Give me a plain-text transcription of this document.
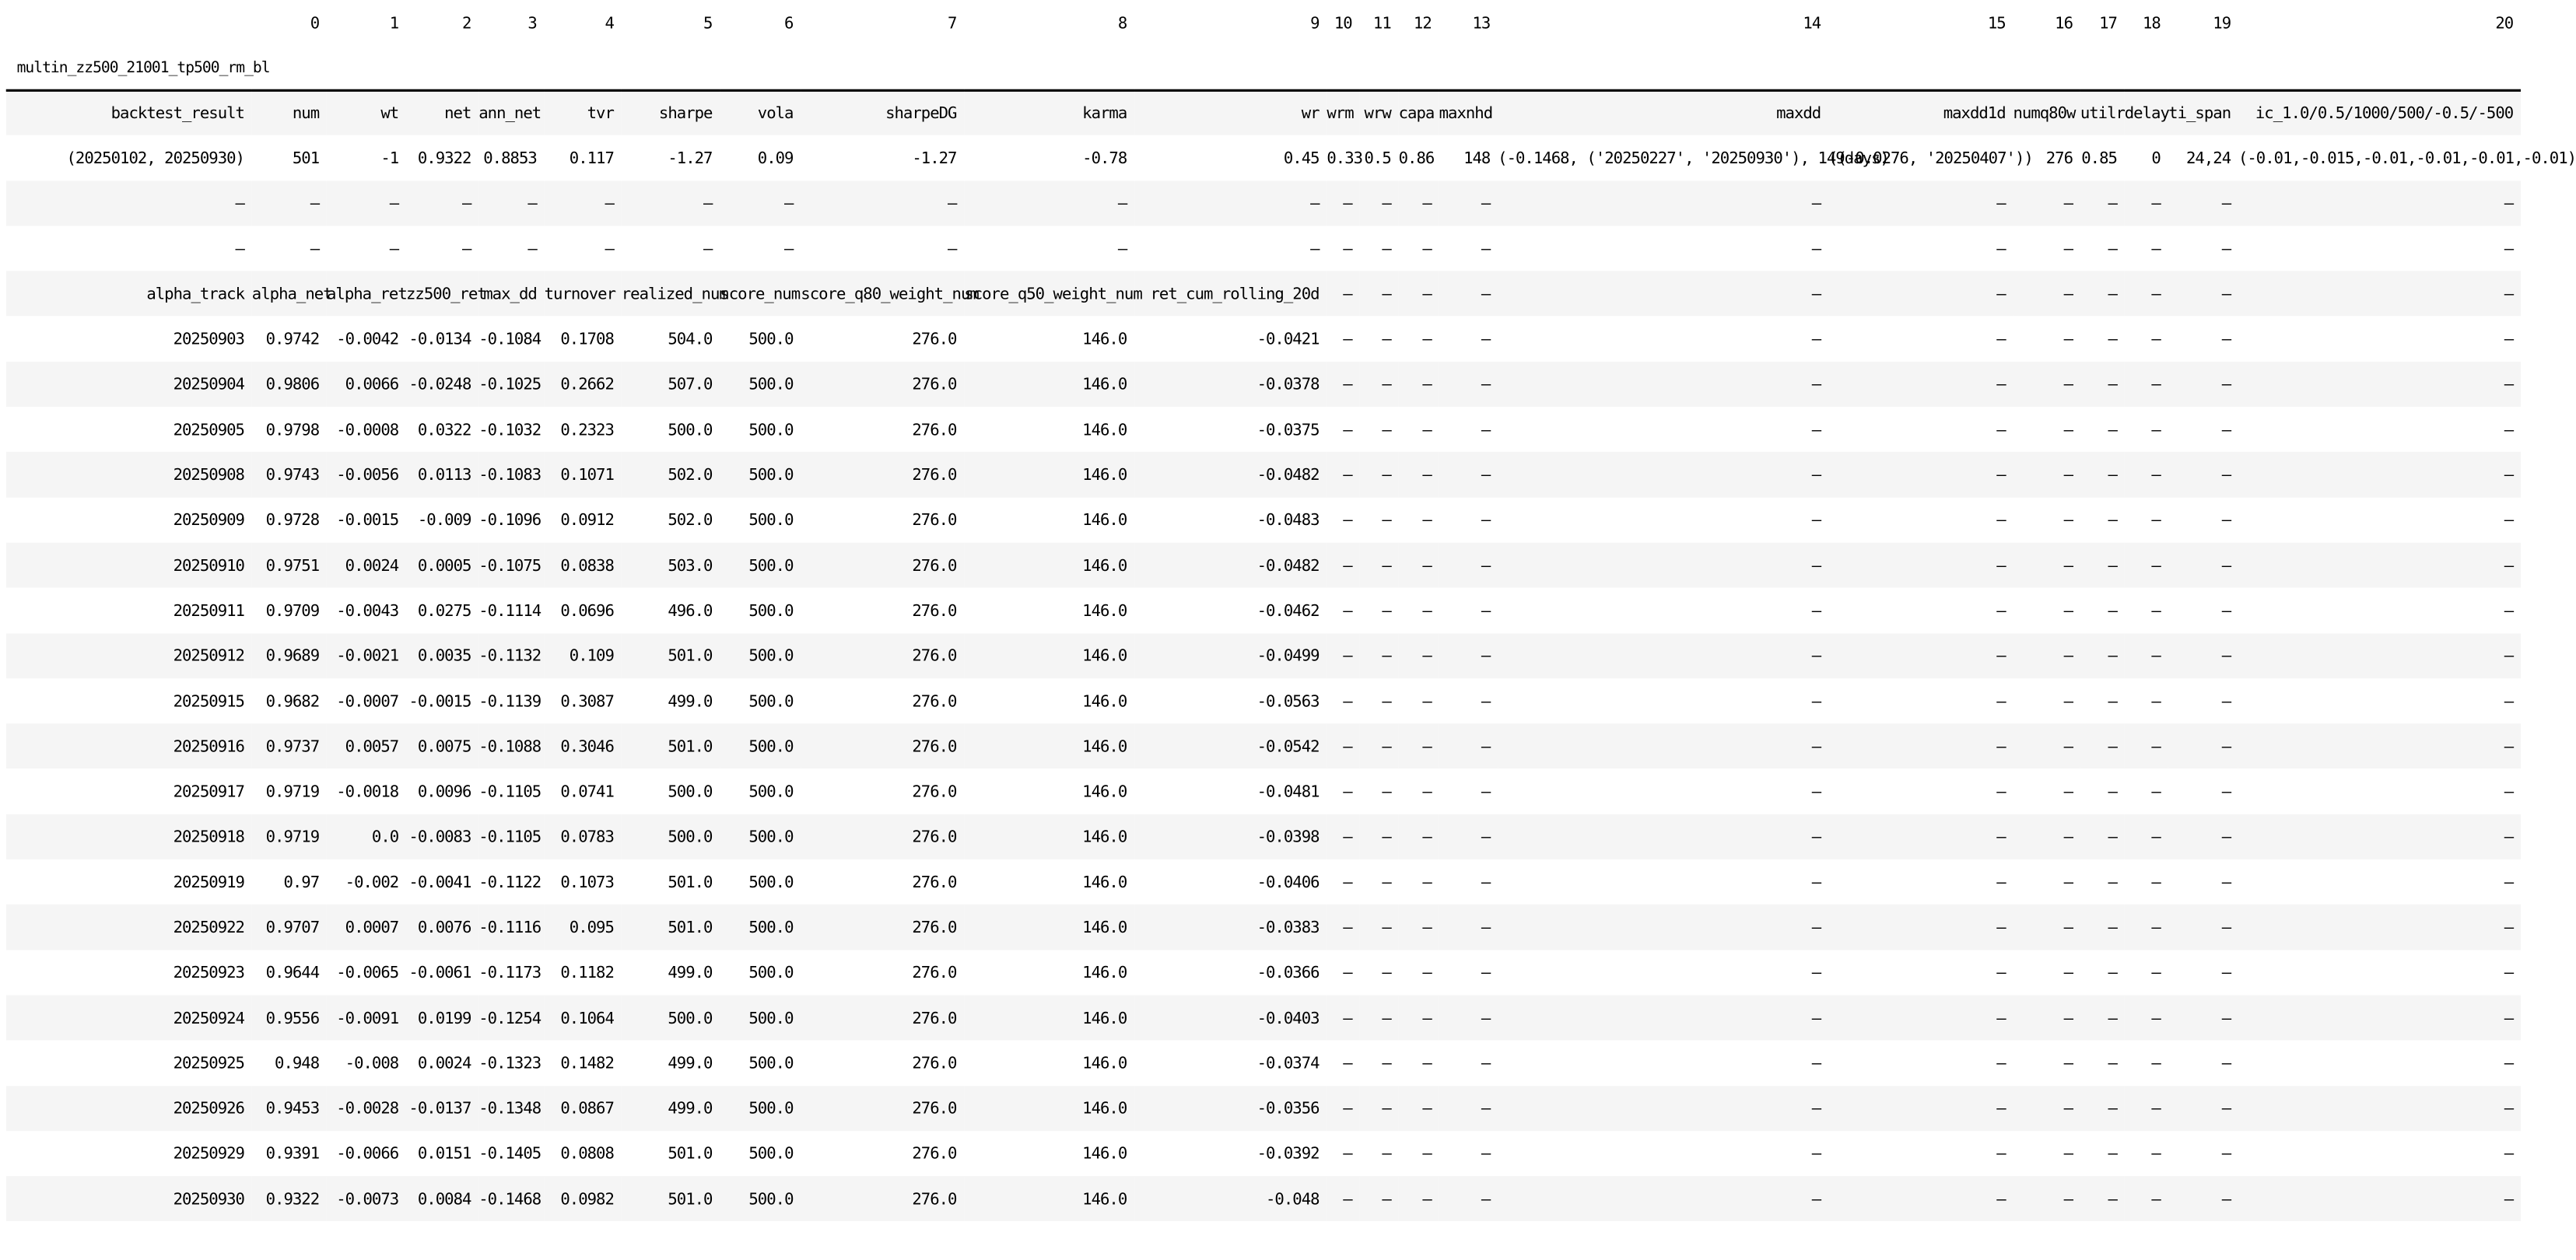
	0	1	2	3	4	5	6	7	8	9	10	11	12	13	14	15	16	17	18	19	20
multin_zz500_21001_tp500_rm_bl																					
backtest_result	num	wt	net	ann_net	tvr	sharpe	vola	sharpeDG	karma	wr	wrm	wrw	capa	maxnhd	maxdd	maxdd1d	numq80w	utilr	delay	ti_span	ic_1.0/0.5/1000/500/-0.5/-500
(20250102, 20250930)	501	-1	0.9322	0.8853	0.117	-1.27	0.09	-1.27	-0.78	0.45	0.33	0.5	0.86	148	(-0.1468, ('20250227', '20250930'), 149days)	((-0.0276, '20250407'))	276	0.85	0	24,24	(-0.01,-0.015,-0.01,-0.01,-0.01,-0.01)
—	—	—	—	—	—	—	—	—	—	—	—	—	—	—	—	—	—	—	—	—	—
—	—	—	—	—	—	—	—	—	—	—	—	—	—	—	—	—	—	—	—	—	—
alpha_track	alpha_net	alpha_ret	zz500_ret	max_dd	turnover	realized_num	score_num	score_q80_weight_num	score_q50_weight_num	ret_cum_rolling_20d	—	—	—	—	—	—	—	—	—	—	—
20250903	0.9742	-0.0042	-0.0134	-0.1084	0.1708	504.0	500.0	276.0	146.0	-0.0421	—	—	—	—	—	—	—	—	—	—	—
20250904	0.9806	0.0066	-0.0248	-0.1025	0.2662	507.0	500.0	276.0	146.0	-0.0378	—	—	—	—	—	—	—	—	—	—	—
20250905	0.9798	-0.0008	0.0322	-0.1032	0.2323	500.0	500.0	276.0	146.0	-0.0375	—	—	—	—	—	—	—	—	—	—	—
20250908	0.9743	-0.0056	0.0113	-0.1083	0.1071	502.0	500.0	276.0	146.0	-0.0482	—	—	—	—	—	—	—	—	—	—	—
20250909	0.9728	-0.0015	-0.009	-0.1096	0.0912	502.0	500.0	276.0	146.0	-0.0483	—	—	—	—	—	—	—	—	—	—	—
20250910	0.9751	0.0024	0.0005	-0.1075	0.0838	503.0	500.0	276.0	146.0	-0.0482	—	—	—	—	—	—	—	—	—	—	—
20250911	0.9709	-0.0043	0.0275	-0.1114	0.0696	496.0	500.0	276.0	146.0	-0.0462	—	—	—	—	—	—	—	—	—	—	—
20250912	0.9689	-0.0021	0.0035	-0.1132	0.109	501.0	500.0	276.0	146.0	-0.0499	—	—	—	—	—	—	—	—	—	—	—
20250915	0.9682	-0.0007	-0.0015	-0.1139	0.3087	499.0	500.0	276.0	146.0	-0.0563	—	—	—	—	—	—	—	—	—	—	—
20250916	0.9737	0.0057	0.0075	-0.1088	0.3046	501.0	500.0	276.0	146.0	-0.0542	—	—	—	—	—	—	—	—	—	—	—
20250917	0.9719	-0.0018	0.0096	-0.1105	0.0741	500.0	500.0	276.0	146.0	-0.0481	—	—	—	—	—	—	—	—	—	—	—
20250918	0.9719	0.0	-0.0083	-0.1105	0.0783	500.0	500.0	276.0	146.0	-0.0398	—	—	—	—	—	—	—	—	—	—	—
20250919	0.97	-0.002	-0.0041	-0.1122	0.1073	501.0	500.0	276.0	146.0	-0.0406	—	—	—	—	—	—	—	—	—	—	—
20250922	0.9707	0.0007	0.0076	-0.1116	0.095	501.0	500.0	276.0	146.0	-0.0383	—	—	—	—	—	—	—	—	—	—	—
20250923	0.9644	-0.0065	-0.0061	-0.1173	0.1182	499.0	500.0	276.0	146.0	-0.0366	—	—	—	—	—	—	—	—	—	—	—
20250924	0.9556	-0.0091	0.0199	-0.1254	0.1064	500.0	500.0	276.0	146.0	-0.0403	—	—	—	—	—	—	—	—	—	—	—
20250925	0.948	-0.008	0.0024	-0.1323	0.1482	499.0	500.0	276.0	146.0	-0.0374	—	—	—	—	—	—	—	—	—	—	—
20250926	0.9453	-0.0028	-0.0137	-0.1348	0.0867	499.0	500.0	276.0	146.0	-0.0356	—	—	—	—	—	—	—	—	—	—	—
20250929	0.9391	-0.0066	0.0151	-0.1405	0.0808	501.0	500.0	276.0	146.0	-0.0392	—	—	—	—	—	—	—	—	—	—	—
20250930	0.9322	-0.0073	0.0084	-0.1468	0.0982	501.0	500.0	276.0	146.0	-0.048	—	—	—	—	—	—	—	—	—	—	—
